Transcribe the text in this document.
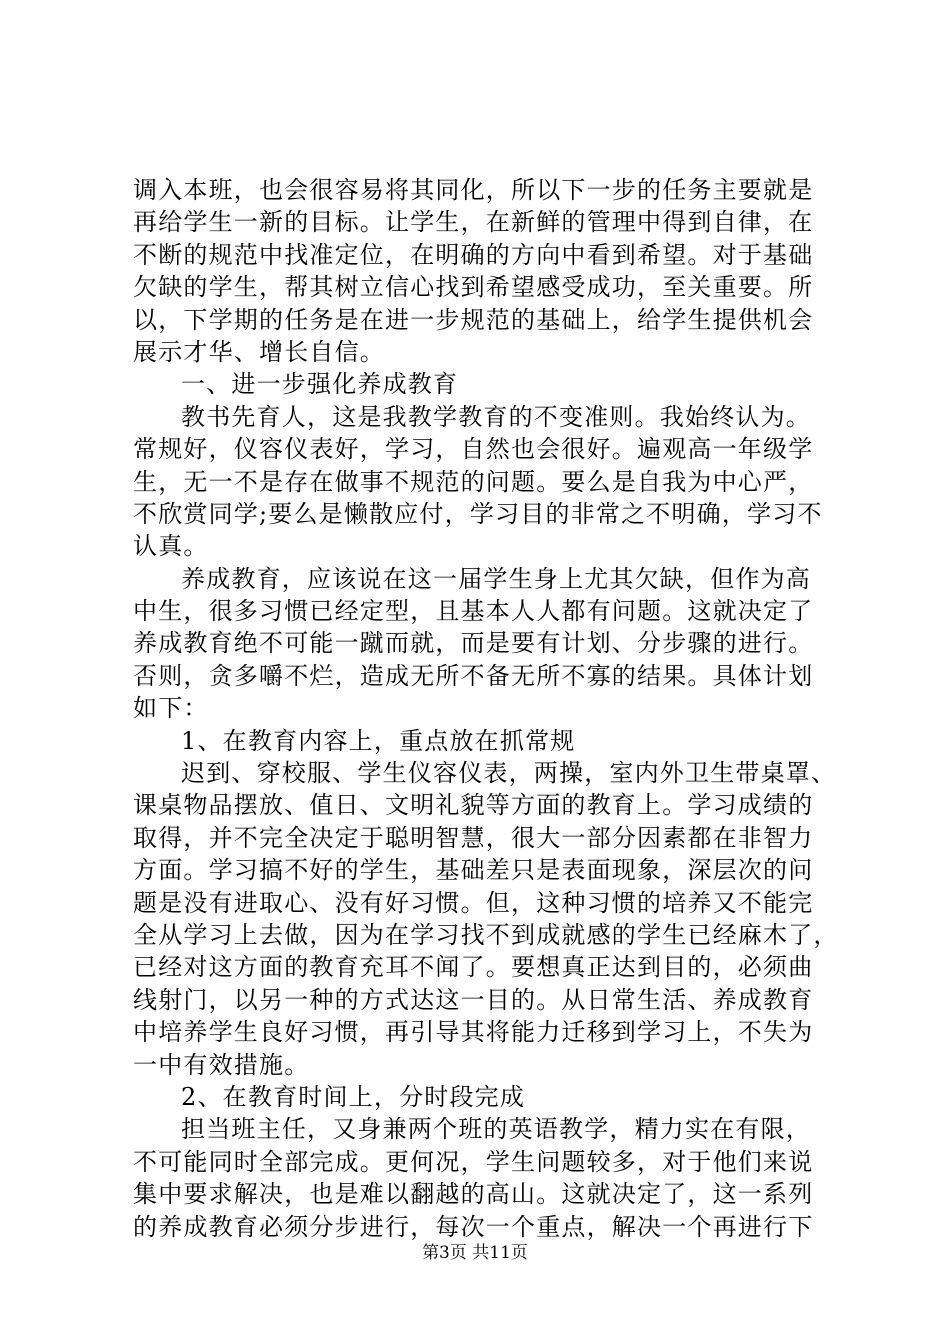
调入本班，也会很容易将其同化，所以下一步的任务主要就是
再给学生一新的目标。让学生，在新鲜的管理中得到自律，在
不断的规范中找准定位，在明确的方向中看到希望。对于基础
欠缺的学生，帮其树立信心找到希望感受成功，至关重要。所
以，下学期的任务是在进一步规范的基础上，给学生提供机会
展示才华、增长自信。
一、进一步强化养成教育
教书先育人，这是我教学教育的不变准则。我始终认为。
常规好，仪容仪表好，学习，自然也会很好。遍观高一年级学
生，无一不是存在做事不规范的问题。要么是自我为中心严，
不欣赏同学;要么是懒散应付，学习目的非常之不明确，学习不
认真。
养成教育，应该说在这一届学生身上尤其欠缺，但作为高
中生，很多习惯已经定型，且基本人人都有问题。这就决定了
养成教育绝不可能一蹴而就，而是要有计划、分步骤的进行。
否则，贪多嚼不烂，造成无所不备无所不寡的结果。具体计划
如下：
1、在教育内容上，重点放在抓常规
迟到、穿校服、学生仪容仪表，两操，室内外卫生带桌罩、
课桌物品摆放、值日、文明礼貌等方面的教育上。学习成绩的
取得，并不完全决定于聪明智慧，很大一部分因素都在非智力
方面。学习搞不好的学生，基础差只是表面现象，深层次的问
题是没有进取心、没有好习惯。但，这种习惯的培养又不能完
全从学习上去做，因为在学习找不到成就感的学生已经麻木了，
已经对这方面的教育充耳不闻了。要想真正达到目的，必须曲
线射门，以另一种的方式达这一目的。从日常生活、养成教育
中培养学生良好习惯，再引导其将能力迁移到学习上，不失为
一中有效措施。
2、在教育时间上，分时段完成
担当班主任，又身兼两个班的英语教学，精力实在有限，
不可能同时全部完成。更何况，学生问题较多，对于他们来说
集中要求解决，也是难以翻越的高山。这就决定了，这一系列
的养成教育必须分步进行，每次一个重点，解决一个再进行下
第3页 共11页
